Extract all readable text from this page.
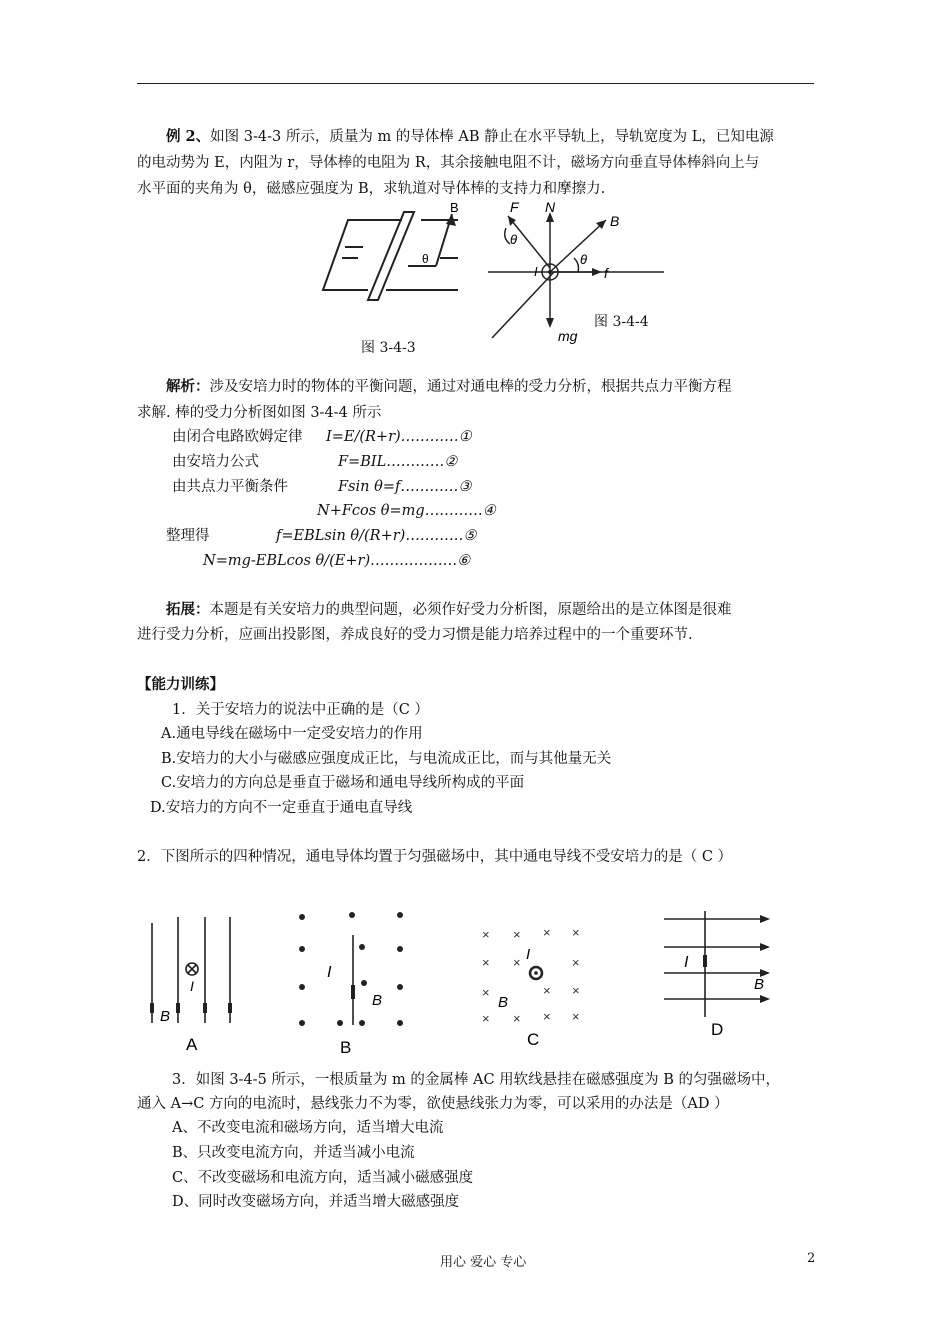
例 2、如图 3-4-3 所示，质量为 m 的导体棒 AB 静止在水平导轨上，导轨宽度为 L，已知电源
的电动势为 E，内阻为 r，导体棒的电阻为 R，其余接触电阻不计，磁场方向垂直导体棒斜向上与
水平面的夹角为 θ，磁感应强度为 B，求轨道对导体棒的支持力和摩擦力.
B
θ
图 3-4-3
F N
B
θ
θ
I	f
mg
图 3-4-4
解析：涉及安培力时的物体的平衡问题，通过对通电棒的受力分析，根据共点力平衡方程
求解. 棒的受力分析图如图 3-4-4 所示
由闭合电路欧姆定律 I=E/(R+r)…………①
由安培力公式	F=BIL…………②
由共点力平衡条件	Fsin θ=f…………③
N+Fcos θ=mg…………④
整理得	f=EBLsin θ/(R+r)…………⑤
N=mg-EBLcos θ/(E+r)………………⑥
拓展：本题是有关安培力的典型问题，必须作好受力分析图，原题给出的是立体图是很难
进行受力分析，应画出投影图，养成良好的受力习惯是能力培养过程中的一个重要环节.
【能力训练】
1．关于安培力的说法中正确的是（C ）
A.通电导线在磁场中一定受安培力的作用
B.安培力的大小与磁感应强度成正比，与电流成正比，而与其他量无关
C.安培力的方向总是垂直于磁场和通电导线所构成的平面
D.安培力的方向不一定垂直于通电直导线
2．下图所示的四种情况，通电导体均置于匀强磁场中，其中通电导线不受安培力的是（ C ）
I
B
A
I
B
B
× × × ×
× ×	×
×	× ×
× × × ×
I
B
C
I
B
D
3．如图 3-4-5 所示，一根质量为 m 的金属棒 AC 用软线悬挂在磁感强度为 B 的匀强磁场中，
通入 A→C 方向的电流时，悬线张力不为零，欲使悬线张力为零，可以采用的办法是（AD ）
A、不改变电流和磁场方向，适当增大电流
B、只改变电流方向，并适当减小电流
C、不改变磁场和电流方向，适当减小磁感强度
D、同时改变磁场方向，并适当增大磁感强度
用心 爱心 专心	2
